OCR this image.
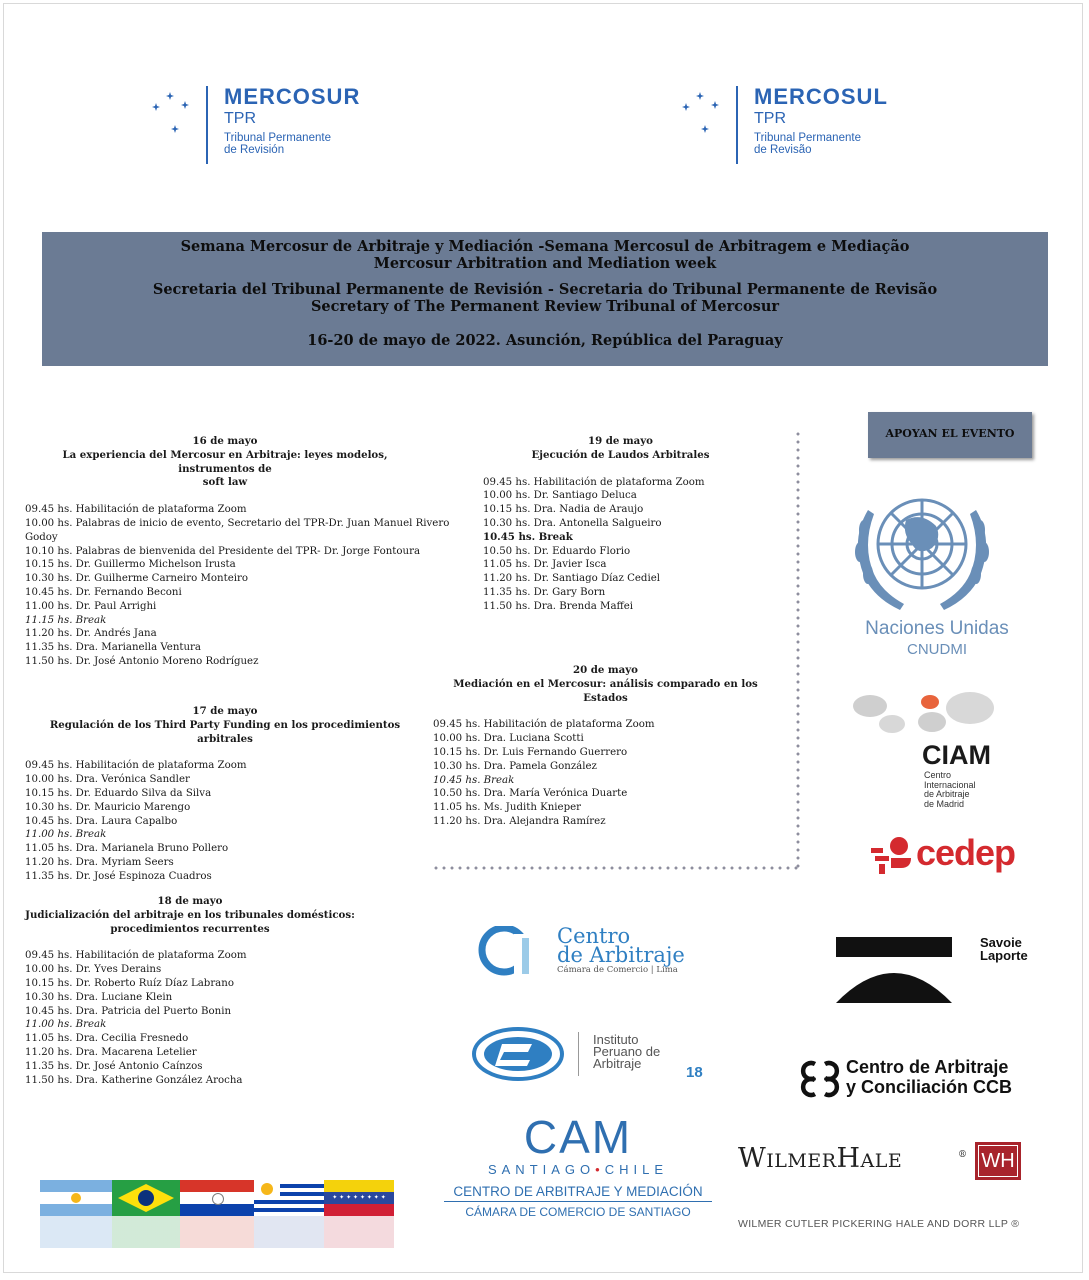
MERCOSUR
TPR
Tribunal Permanente
de Revisión
MERCOSUL
TPR
Tribunal Permanente
de Revisão
Semana Mercosur de Arbitraje y Mediación -Semana Mercosul de Arbitragem e Mediação
Mercosur Arbitration and Mediation week
Secretaria del Tribunal Permanente de Revisión - Secretaria do Tribunal Permanente de Revisão
Secretary of The Permanent Review Tribunal of Mercosur
16-20 de mayo de 2022. Asunción, República del Paraguay
16 de mayo
La experiencia del Mercosur en Arbitraje: leyes modelos, instrumentos de
soft law
09.45 hs. Habilitación de plataforma Zoom
10.00 hs. Palabras de inicio de evento, Secretario del TPR-Dr. Juan Manuel Rivero
Godoy
10.10 hs. Palabras de bienvenida del Presidente del TPR- Dr. Jorge Fontoura
10.15 hs. Dr. Guillermo Michelson Irusta
10.30 hs. Dr. Guilherme Carneiro Monteiro
10.45 hs. Dr. Fernando Beconi
11.00 hs. Dr. Paul Arrighi
11.15 hs. Break
11.20 hs. Dr. Andrés Jana
11.35 hs. Dra. Marianella Ventura
11.50 hs. Dr. José Antonio Moreno Rodríguez
17 de mayo
Regulación de los Third Party Funding en los procedimientos arbitrales
09.45 hs. Habilitación de plataforma Zoom
10.00 hs. Dra. Verónica Sandler
10.15 hs. Dr. Eduardo Silva da Silva
10.30 hs. Dr. Mauricio Marengo
10.45 hs. Dra. Laura Capalbo
11.00 hs. Break
11.05 hs. Dra. Marianela Bruno Pollero
11.20 hs. Dra. Myriam Seers
11.35 hs. Dr. José Espinoza Cuadros
18 de mayo
Judicialización del arbitraje en los tribunales domésticos:
procedimientos recurrentes
09.45 hs. Habilitación de plataforma Zoom
10.00 hs. Dr. Yves Derains
10.15 hs. Dr. Roberto Ruíz Díaz Labrano
10.30 hs. Dra. Luciane Klein
10.45 hs. Dra. Patricia del Puerto Bonin
11.00 hs. Break
11.05 hs. Dra. Cecilia Fresnedo
11.20 hs. Dra. Macarena Letelier
11.35 hs. Dr. José Antonio Caínzos
11.50 hs. Dra. Katherine González Arocha
19 de mayo
Ejecución de Laudos Arbitrales
09.45 hs. Habilitación de plataforma Zoom
10.00 hs. Dr. Santiago Deluca
10.15 hs. Dra. Nadia de Araujo
10.30 hs. Dra. Antonella Salgueiro
10.45 hs. Break
10.50 hs. Dr. Eduardo Florio
11.05 hs. Dr. Javier Isca
11.20 hs. Dr. Santiago Díaz Cediel
11.35 hs. Dr. Gary Born
11.50 hs. Dra. Brenda Maffei
20 de mayo
Mediación en el Mercosur: análisis comparado en los Estados
09.45 hs. Habilitación de plataforma Zoom
10.00 hs. Dra. Luciana Scotti
10.15 hs. Dr. Luis Fernando Guerrero
10.30 hs. Dra. Pamela González
10.45 hs. Break
10.50 hs. Dra. María Verónica Duarte
11.05 hs. Ms. Judith Knieper
11.20 hs. Dra. Alejandra Ramírez
APOYAN EL EVENTO
Naciones Unidas
CNUDMI
CIAM
Centro
Internacional
de Arbitraje
de Madrid
cedep
Centro
de Arbitraje
Cámara de Comercio | Lima
Savoie
Laporte
Instituto
Peruano de
Arbitraje
18	Centro de Arbitraje
y Conciliación CCB
CAM
SANTIAGO•CHILE
CENTRO DE ARBITRAJE Y MEDIACIÓN
CÁMARA DE COMERCIO DE SANTIAGO
WilmerHale	® WH
WILMER CUTLER PICKERING HALE AND DORR LLP ®
✦ ✦ ✦ ✦ ✦ ✦ ✦ ✦
